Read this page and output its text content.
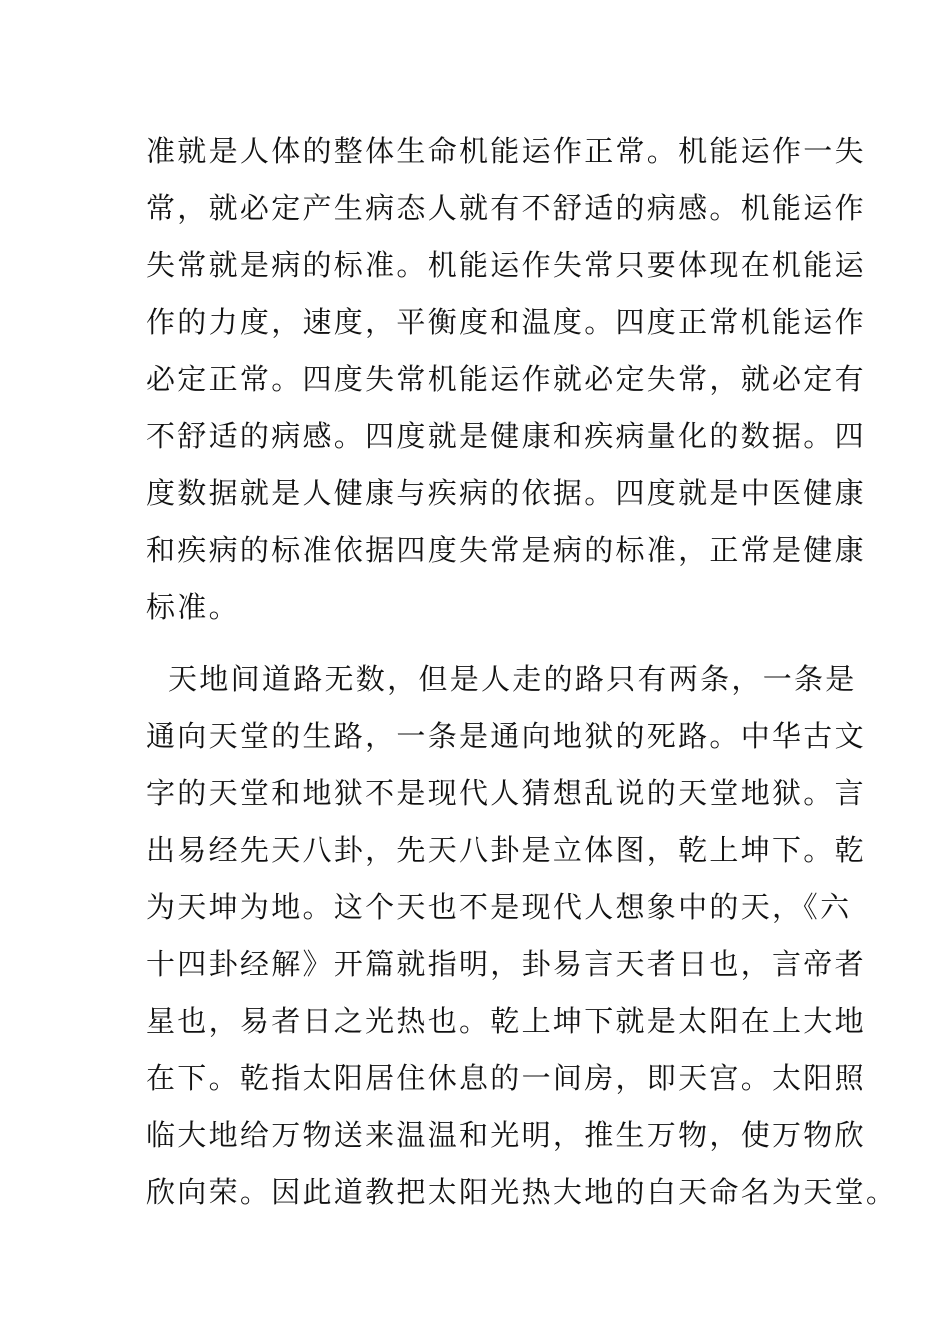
准就是人体的整体生命机能运作正常。机能运作一失
常，就必定产生病态人就有不舒适的病感。机能运作
失常就是病的标准。机能运作失常只要体现在机能运
作的力度，速度，平衡度和温度。四度正常机能运作
必定正常。四度失常机能运作就必定失常，就必定有
不舒适的病感。四度就是健康和疾病量化的数据。四
度数据就是人健康与疾病的依据。四度就是中医健康
和疾病的标准依据四度失常是病的标准，正常是健康
标准。
天地间道路无数，但是人走的路只有两条，一条是
通向天堂的生路，一条是通向地狱的死路。中华古文
字的天堂和地狱不是现代人猜想乱说的天堂地狱。言
出易经先天八卦，先天八卦是立体图，乾上坤下。乾
为天坤为地。这个天也不是现代人想象中的天，《六
十四卦经解》开篇就指明，卦易言天者日也，言帝者
星也，易者日之光热也。乾上坤下就是太阳在上大地
在下。乾指太阳居住休息的一间房，即天宫。太阳照
临大地给万物送来温温和光明，推生万物，使万物欣
欣向荣。因此道教把太阳光热大地的白天命名为天堂。
